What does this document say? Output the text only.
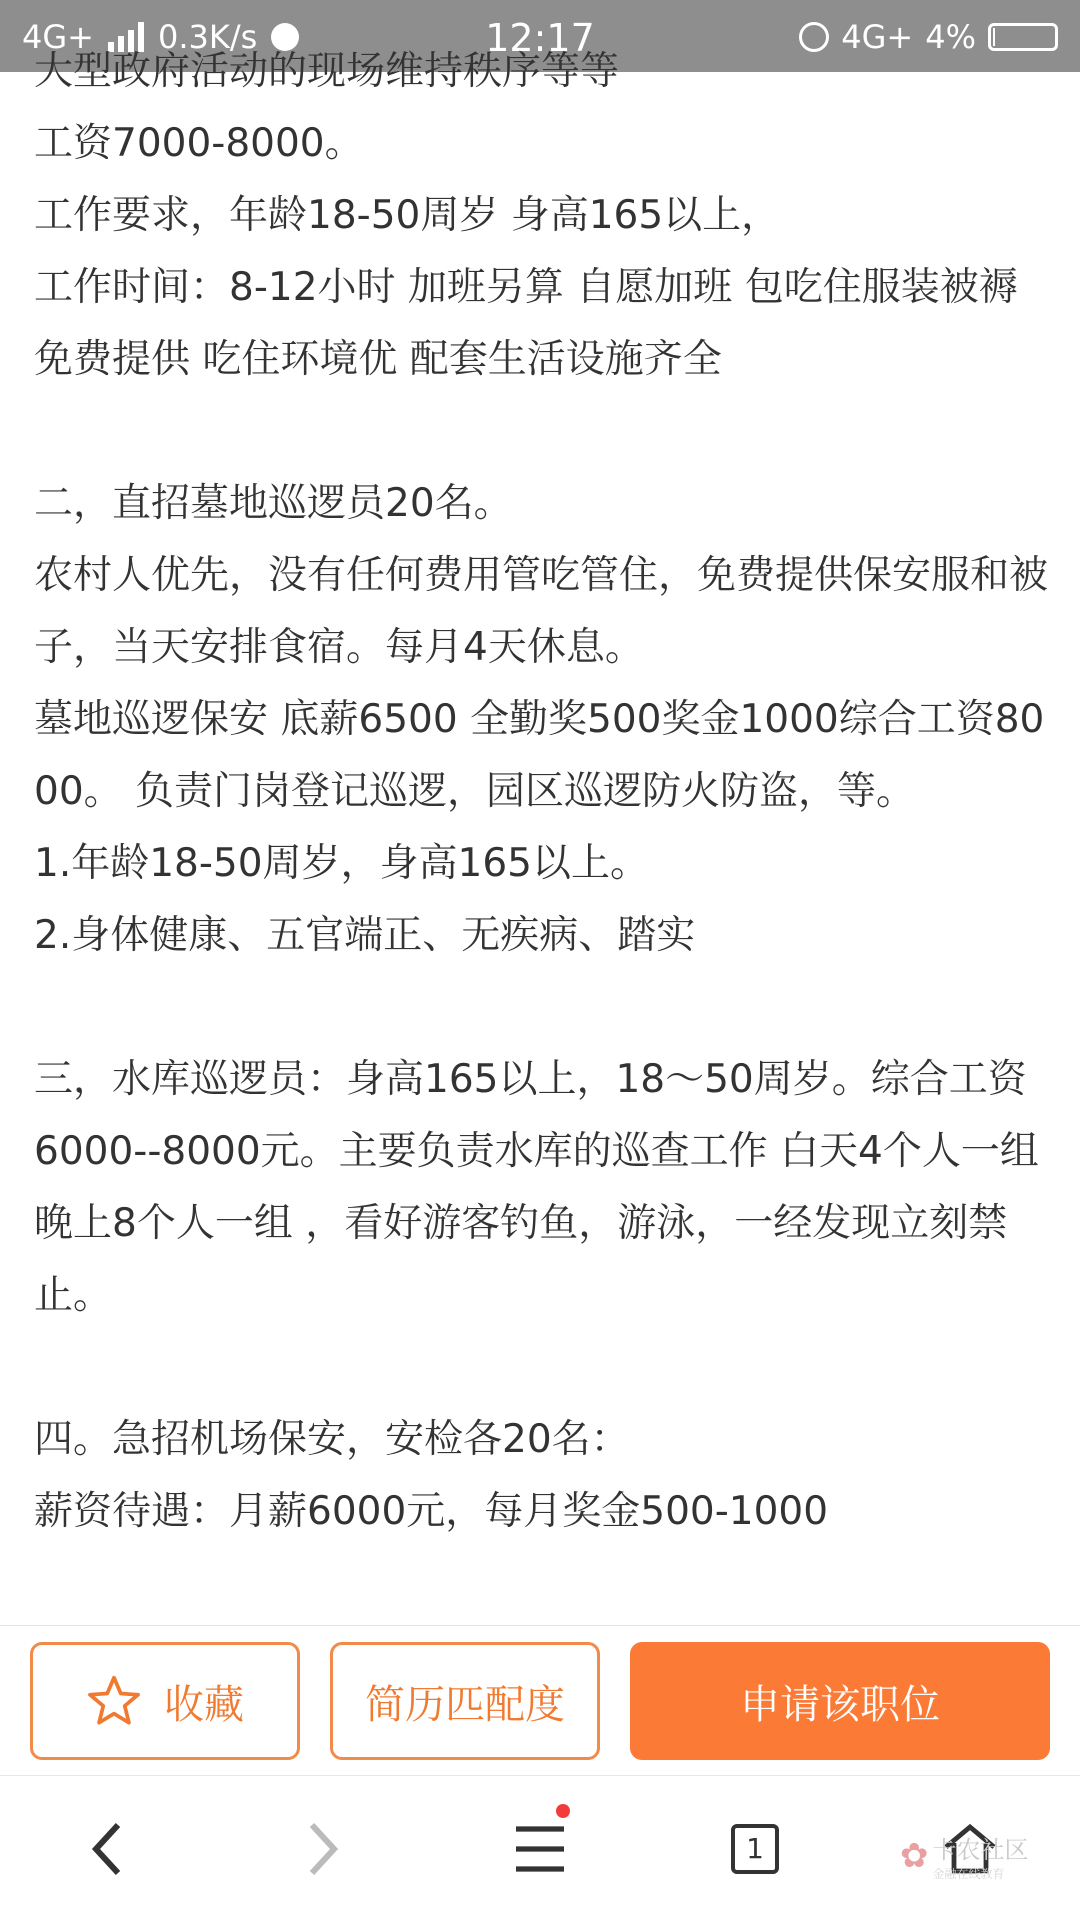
4G+ 0.3K/s	12:17	4G+ 4%

大型政府活动的现场维持秩序等等

工资7000-8000。

工作要求，年龄18-50周岁 身高165以上，

工作时间：8-12小时 加班另算 自愿加班 包吃住服装被褥免费提供 吃住环境优 配套生活设施齐全

二，直招墓地巡逻员20名。

农村人优先，没有任何费用管吃管住，免费提供保安服和被子，当天安排食宿。每月4天休息。

墓地巡逻保安 底薪6500 全勤奖500奖金1000综合工资8000。 负责门岗登记巡逻，园区巡逻防火防盗，等。

1.年龄18-50周岁，身高165以上。

2.身体健康、五官端正、无疾病、踏实

三，水库巡逻员：身高165以上，18～50周岁。综合工资6000--8000元。主要负责水库的巡查工作 白天4个人一组 晚上8个人一组 ，看好游客钓鱼，游泳，一经发现立刻禁止。

四。急招机场保安，安检各20名：

薪资待遇：月薪6000元，每月奖金500-1000

收藏	简历匹配度	申请该职位
1	✿ 卡农社区
金融在线教育
